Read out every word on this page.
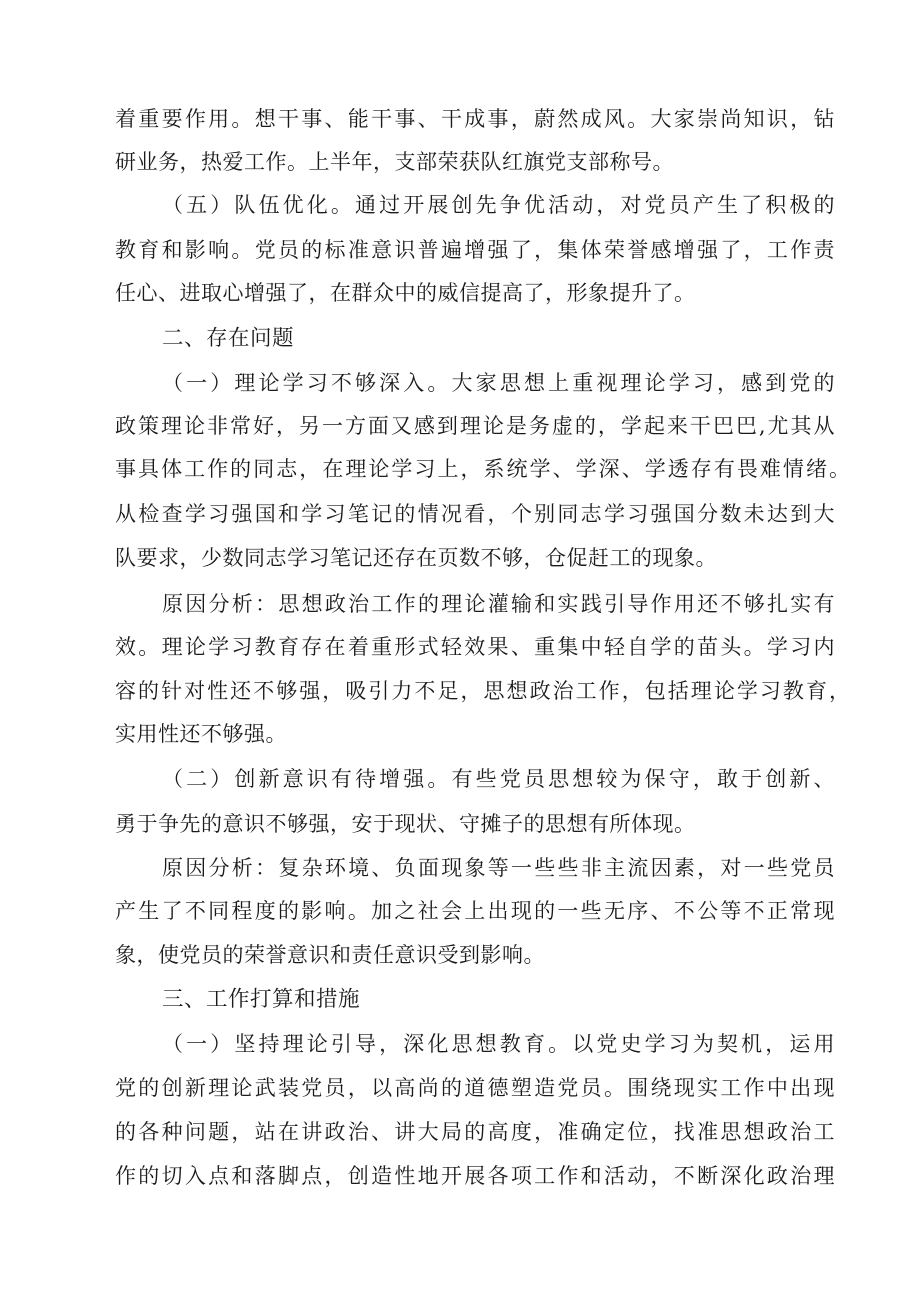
着重要作用。想干事、能干事、干成事，蔚然成风。大家崇尚知识，钻
研业务，热爱工作。上半年，支部荣获队红旗党支部称号。
（五）队伍优化。通过开展创先争优活动，对党员产生了积极的
教育和影响。党员的标准意识普遍增强了，集体荣誉感增强了，工作责
任心、进取心增强了，在群众中的威信提高了，形象提升了。
二、存在问题
（一）理论学习不够深入。大家思想上重视理论学习，感到党的
政策理论非常好，另一方面又感到理论是务虚的，学起来干巴巴,尤其从
事具体工作的同志，在理论学习上，系统学、学深、学透存有畏难情绪。
从检查学习强国和学习笔记的情况看，个别同志学习强国分数未达到大
队要求，少数同志学习笔记还存在页数不够，仓促赶工的现象。
原因分析：思想政治工作的理论灌输和实践引导作用还不够扎实有
效。理论学习教育存在着重形式轻效果、重集中轻自学的苗头。学习内
容的针对性还不够强，吸引力不足，思想政治工作，包括理论学习教育，
实用性还不够强。
（二）创新意识有待增强。有些党员思想较为保守，敢于创新、
勇于争先的意识不够强，安于现状、守摊子的思想有所体现。
原因分析：复杂环境、负面现象等一些些非主流因素，对一些党员
产生了不同程度的影响。加之社会上出现的一些无序、不公等不正常现
象，使党员的荣誉意识和责任意识受到影响。
三、工作打算和措施
（一）坚持理论引导，深化思想教育。以党史学习为契机，运用
党的创新理论武装党员，以高尚的道德塑造党员。围绕现实工作中出现
的各种问题，站在讲政治、讲大局的高度，准确定位，找准思想政治工
作的切入点和落脚点，创造性地开展各项工作和活动，不断深化政治理
